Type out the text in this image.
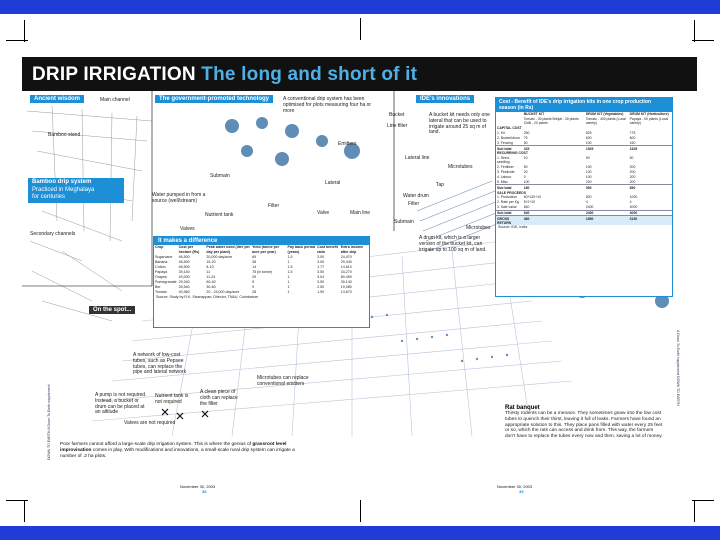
DRIP IRRIGATION The long and short of it
Ancient wisdom	Main channel
Bamboo stand
Secondary channels
Bamboo drip system
Practiced in Meghalaya
for centuries
The government-promoted technology	A conventional drip system has been optimised for plots measuring four ha or more
Emitters
Submain
Lateral
Valve	Main line
Filter
Water pumped in from a source (well/stream)
Nutrient tank
Valves
It makes a difference
Crop	Cost per hectare (Rs)	Peak water used (litre per day per plant)	Yield (tonne per acre per year)	Pay back period (years)	Cost benefit ratio	Extra income after drip
Sugarcane	46,500	20,000 day/acre	69	1.5	3.00	24,470
Banana	46,500	15-20	38	1	3.00	29,340
Cotton	46,500	8-10	14	1.5	1.77	14,610
Papaya	39,140	11	75 (in tonne)	1.5	3.50	34,270
Grapes	43,000	11-24	29	1	3.04	80,490
Pomegranate	29,340	60-40	9	1	3.50	39,140
Ber	39,540	30-60	9	1	2.50	19,080
Tomato	40,960	20 - 24,000 day/acre	28	1	1.90	14,670
Source: Study by R.K. Sivanappan, Director, TNAU, Coimbatore
IDE's innovations
Bucket
Line filter
A bucket kit needs only one lateral that can be used to irrigate around 25 sq m of land.
Lateral line
Microtubes
Tap
Water drum
Filter
Submain
Microtubes
A drum kit, which is a larger version of the bucket kit, can irrigate up to 100 sq m of land.
Cost - Benefit of IDE's drip irrigation kits in one crop production season (in Rs)
	BUCKET KIT	DRUM KIT (Vegetables)	DRUM KIT (Horticulture)
	Tomato - 30 plants Brinjal - 30 plants Chilli - 20 plants	Tomato - 400 plants (Local variety)	Papaya - 50 plants (Local variety)
CAPITAL COST			
1. Kit	250	825	775
2. Bucket/drum	75	600	600
3. Fencing	50	100	150
Sub total	325	1525	1525
RECURRING COST			
1. Seed, seedling	10	50	50
2. Fertiliser	50	100	200
3. Pesticide	20	100	200
4. Labour	0	100	200
5. Misc	100	200	200
Sub total	180	550	850
SALE PROCEEDS			
1. Production	60+120+10	800	1000
2. Rate per Kg	5+2+10	4	4
3. Sale value	640	2400	4000
Sub total	640	2400	4000
GROSS RETURN	460	1850	3150
Source: IDE, India
On the spot...
A network of low-cost tubes, such as Pepsee tubes, can replace the pipe and lateral network
Microtubes can replace conventional emitters
A pump is not required. Instead, a bucket or drum can be placed at an altitude
Nutrient tank is not required
A clean piece of cloth can replace the filter
Valves are not required
Rat banquet

Thirsty rodents can be a menace. They sometimes gnaw into the low cost tubes to quench their thirst, leaving it full of leaks. Farmers have found an appropriate solution to this. They place pans filled with water every 25 feet or so, which the rats can access and drink from. This way, the farmers don't have to replace the tubes every now and then, saving a lot of money.

Poor farmers cannot afford a large-scale drip irrigation system. This is where the genius of grassroot level improvisation comes in play. With modifications and innovations, a small-scale rural drip system can irrigate a number of .2 ha plots.
November 30, 2003
38
November 30, 2003
39
DOWN TO EARTH A Down To Earth supplement
A Down To Earth supplement DOWN TO EARTH
